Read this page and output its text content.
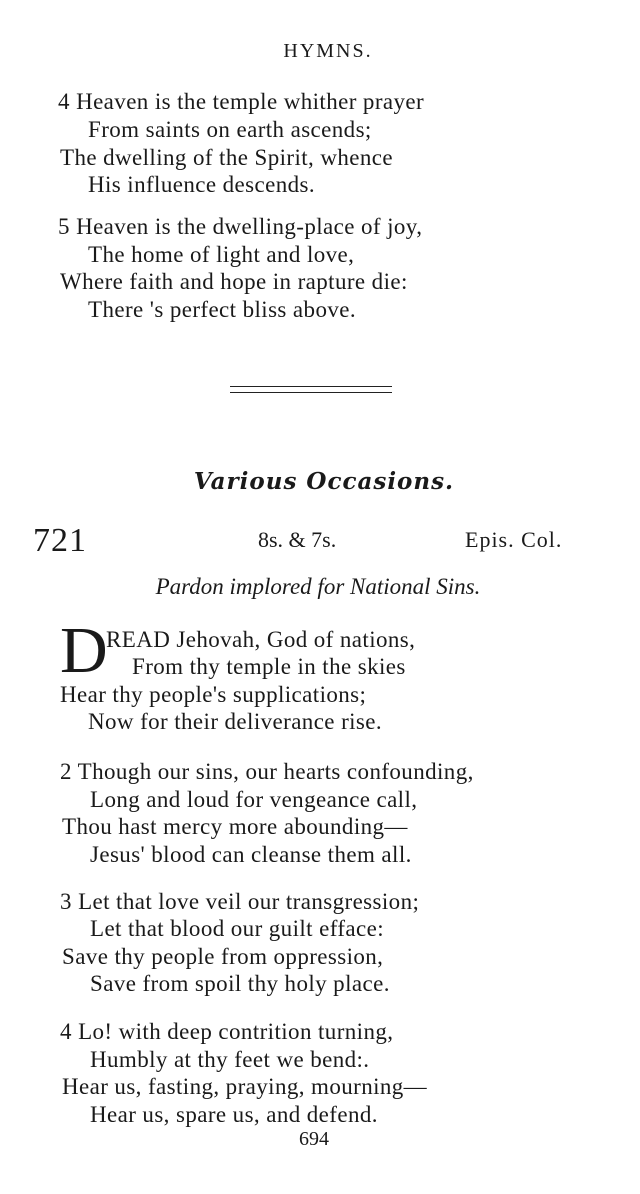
HYMNS.
4 Heaven is the temple whither prayer
From saints on earth ascends;
The dwelling of the Spirit, whence
His influence descends.
5 Heaven is the dwelling-place of joy,
The home of light and love,
Where faith and hope in rapture die:
There 's perfect bliss above.
Various Occasions.
721	8s. & 7s.	Epis. Col.
Pardon implored for National Sins.
D
READ Jehovah, God of nations,
From thy temple in the skies
Hear thy people's supplications;
Now for their deliverance rise.
2 Though our sins, our hearts confounding,
Long and loud for vengeance call,
Thou hast mercy more abounding—
Jesus' blood can cleanse them all.
3 Let that love veil our transgression;
Let that blood our guilt efface:
Save thy people from oppression,
Save from spoil thy holy place.
4 Lo! with deep contrition turning,
Humbly at thy feet we bend:.
Hear us, fasting, praying, mourning—
Hear us, spare us, and defend.
694
